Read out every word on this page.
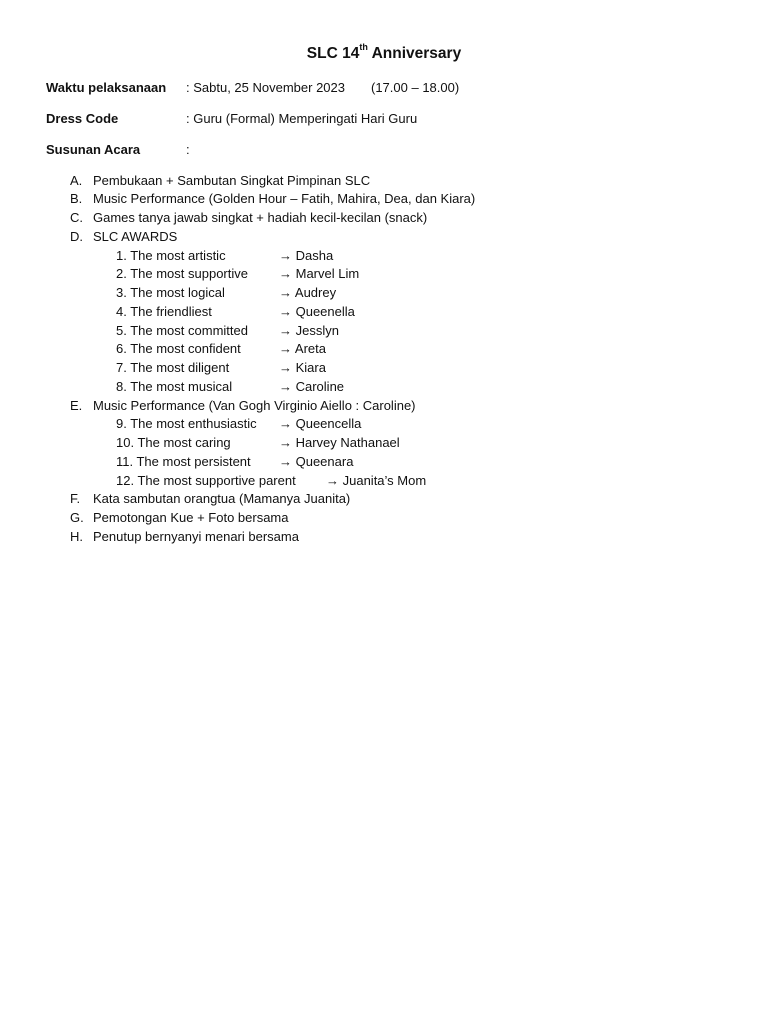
SLC 14th Anniversary
Waktu pelaksanaan : Sabtu, 25 November 2023 (17.00 – 18.00)
Dress Code	: Guru (Formal) Memperingati Hari Guru
Susunan Acara	:
A. Pembukaan + Sambutan Singkat Pimpinan SLC
B. Music Performance (Golden Hour – Fatih, Mahira, Dea, dan Kiara)
C. Games tanya jawab singkat + hadiah kecil-kecilan (snack)
D. SLC AWARDS
1. The most artistic	→ Dasha
2. The most supportive → Marvel Lim
3. The most logical	→ Audrey
4. The friendliest	→ Queenella
5. The most committed → Jesslyn
6. The most confident	→ Areta
7. The most diligent	→ Kiara
8. The most musical	→ Caroline
E. Music Performance (Van Gogh Virginio Aiello : Caroline)
9. The most enthusiastic → Queencella
10. The most caring	→ Harvey Nathanael
11. The most persistent → Queenara
12. The most supportive parent → Juanita’s Mom
F. Kata sambutan orangtua (Mamanya Juanita)
G. Pemotongan Kue + Foto bersama
H. Penutup bernyanyi menari bersama
